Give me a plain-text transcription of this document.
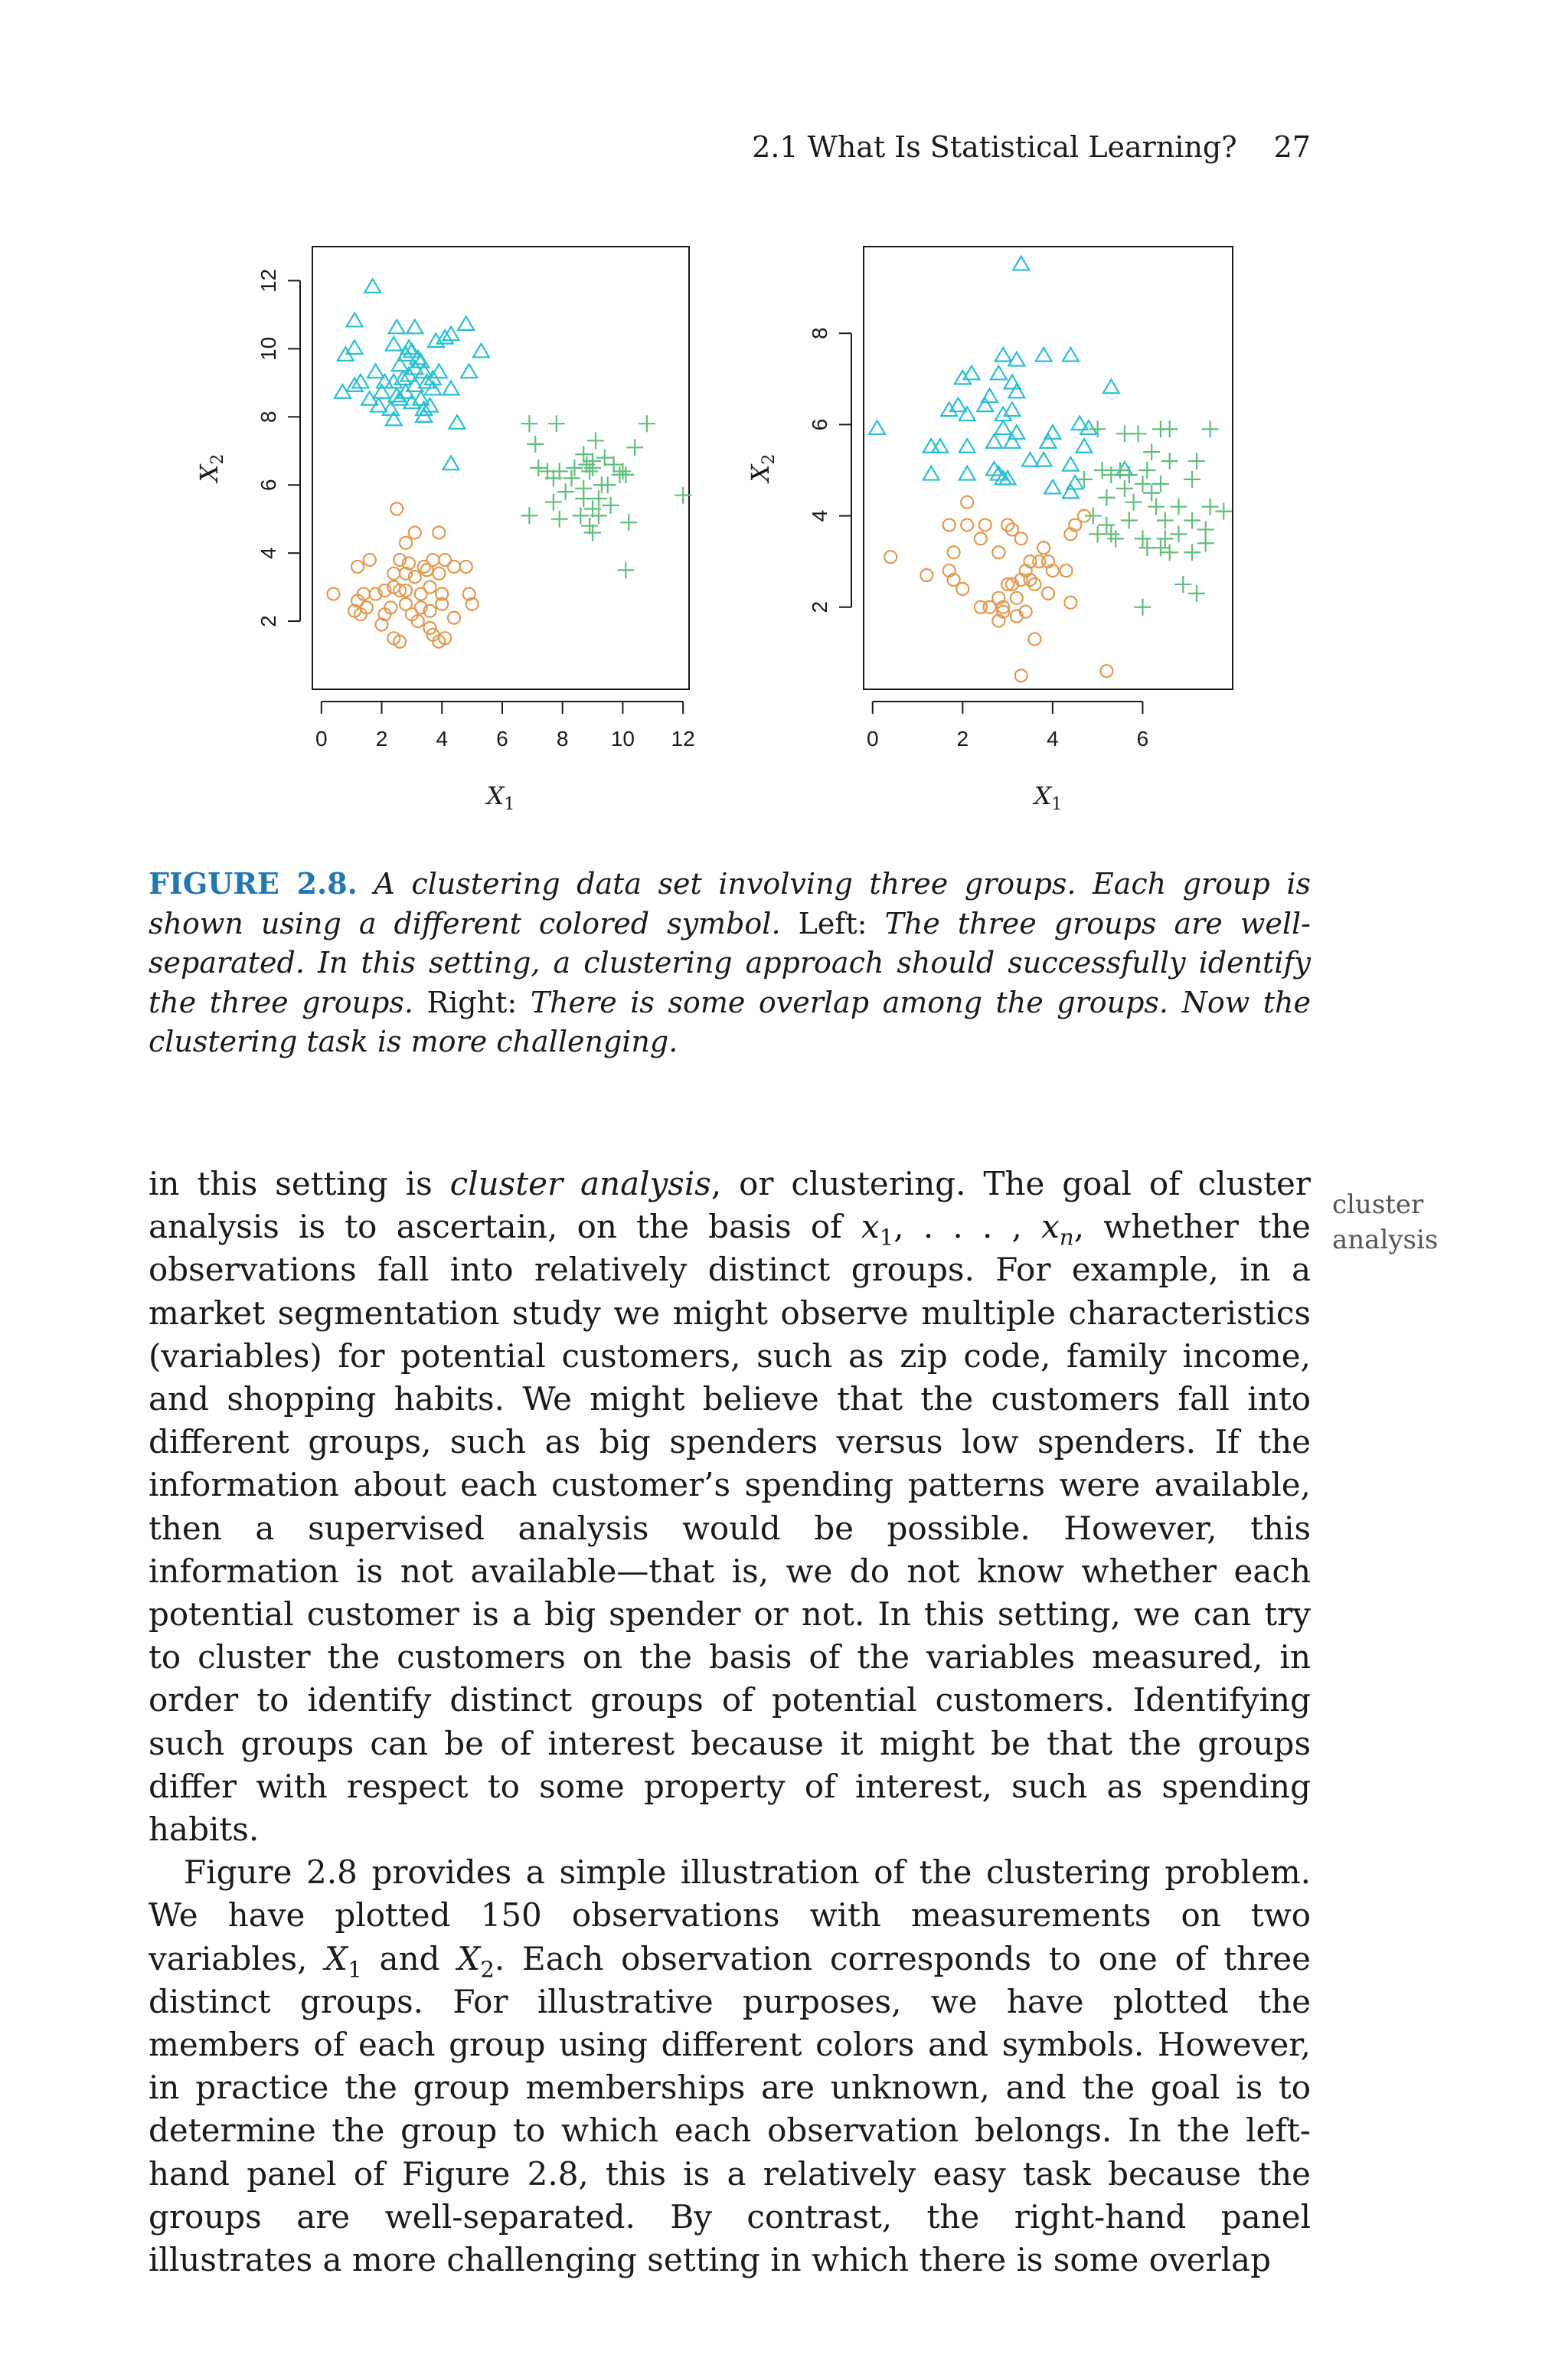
2.1 What Is Statistical Learning? 27
0 2 4 6 8 10 12
2
4
6
8
10
12
$X_1$
$X_2$
0	2	4	6
2
4
6
8
$X_1$
$X_2$
FIGURE 2.8. A clustering data set involving three groups. Each group is shown using a different colored symbol. Left: The three groups are well-separated. In this setting, a clustering approach should successfully identify the three groups. Right: There is some overlap among the groups. Now the clustering task is more challenging.
cluster
analysis

in this setting is cluster analysis, or clustering. The goal of cluster analysis is to ascertain, on the basis of $x_1$, . . . , $x_n$, whether the observations fall into relatively distinct groups. For example, in a market segmentation study we might observe multiple characteristics (variables) for potential customers, such as zip code, family income, and shopping habits. We might believe that the customers fall into different groups, such as big spenders versus low spenders. If the information about each customer’s spending patterns were available, then a supervised analysis would be possible. However, this information is not available—that is, we do not know whether each potential customer is a big spender or not. In this setting, we can try to cluster the customers on the basis of the variables measured, in order to identify distinct groups of potential customers. Identifying such groups can be of interest because it might be that the groups differ with respect to some property of interest, such as spending habits.

Figure 2.8 provides a simple illustration of the clustering problem. We have plotted 150 observations with measurements on two variables, $X_1$ and $X_2$. Each observation corresponds to one of three distinct groups. For illustrative purposes, we have plotted the members of each group using different colors and symbols. However, in practice the group memberships are unknown, and the goal is to determine the group to which each observation belongs. In the left-hand panel of Figure 2.8, this is a relatively easy task because the groups are well-separated. By contrast, the right-hand panel illustrates a more challenging setting in which there is some overlap
